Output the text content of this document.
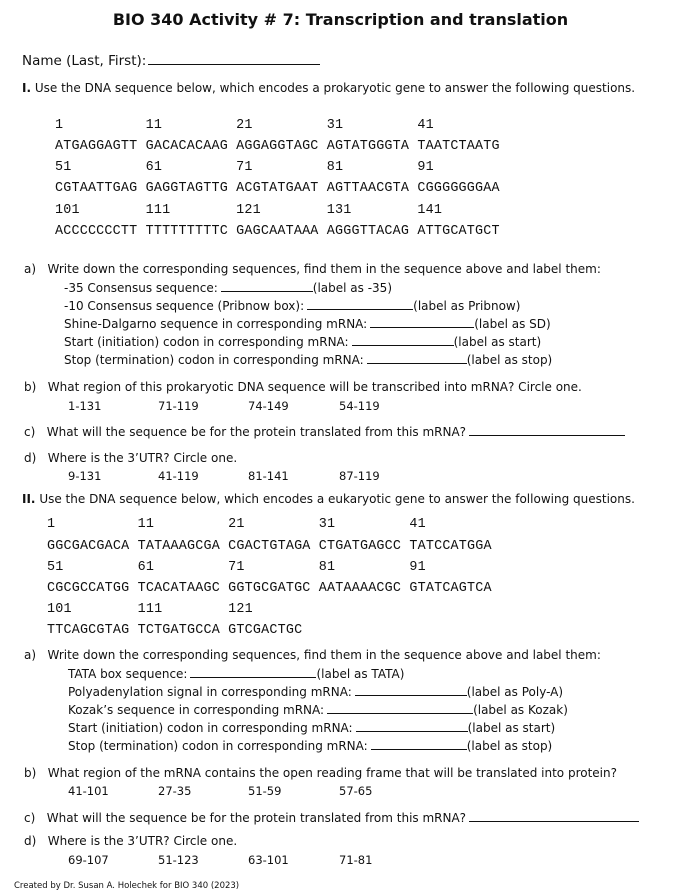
BIO 340 Activity # 7: Transcription and translation
Name (Last, First):
I. Use the DNA sequence below, which encodes a prokaryotic gene to answer the following questions.
1          11         21         31         41
ATGAGGAGTT GACACACAAG AGGAGGTAGC AGTATGGGTA TAATCTAATG
51         61         71         81         91
CGTAATTGAG GAGGTAGTTG ACGTATGAAT AGTTAACGTA CGGGGGGGAA
101        111        121        131        141
ACCCCCCCTT TTTTTTTTTC GAGCAATAAA AGGGTTACAG ATTGCATGCT
a) Write down the corresponding sequences, find them in the sequence above and label them:
-35 Consensus sequence:	(label as -35)
-10 Consensus sequence (Pribnow box):	(label as Pribnow)
Shine-Dalgarno sequence in corresponding mRNA:	(label as SD)
Start (initiation) codon in corresponding mRNA:	(label as start)
Stop (termination) codon in corresponding mRNA:	(label as stop)
b) What region of this prokaryotic DNA sequence will be transcribed into mRNA? Circle one.
1-131	71-119	74-149	54-119
c) What will the sequence be for the protein translated from this mRNA?
d) Where is the 3’UTR? Circle one.
9-131	41-119	81-141	87-119
II. Use the DNA sequence below, which encodes a eukaryotic gene to answer the following questions.
1          11         21         31         41
GGCGACGACA TATAAAGCGA CGACTGTAGA CTGATGAGCC TATCCATGGA
51         61         71         81         91
CGCGCCATGG TCACATAAGC GGTGCGATGC AATAAAACGC GTATCAGTCA
101        111        121
TTCAGCGTAG TCTGATGCCA GTCGACTGC
a) Write down the corresponding sequences, find them in the sequence above and label them:
TATA box sequence:	(label as TATA)
Polyadenylation signal in corresponding mRNA:	(label as Poly-A)
Kozak’s sequence in corresponding mRNA:	(label as Kozak)
Start (initiation) codon in corresponding mRNA:	(label as start)
Stop (termination) codon in corresponding mRNA:	(label as stop)
b) What region of the mRNA contains the open reading frame that will be translated into protein?
41-101	27-35	51-59	57-65
c) What will the sequence be for the protein translated from this mRNA?
d) Where is the 3’UTR? Circle one.
69-107	51-123	63-101	71-81
Created by Dr. Susan A. Holechek for BIO 340 (2023)
